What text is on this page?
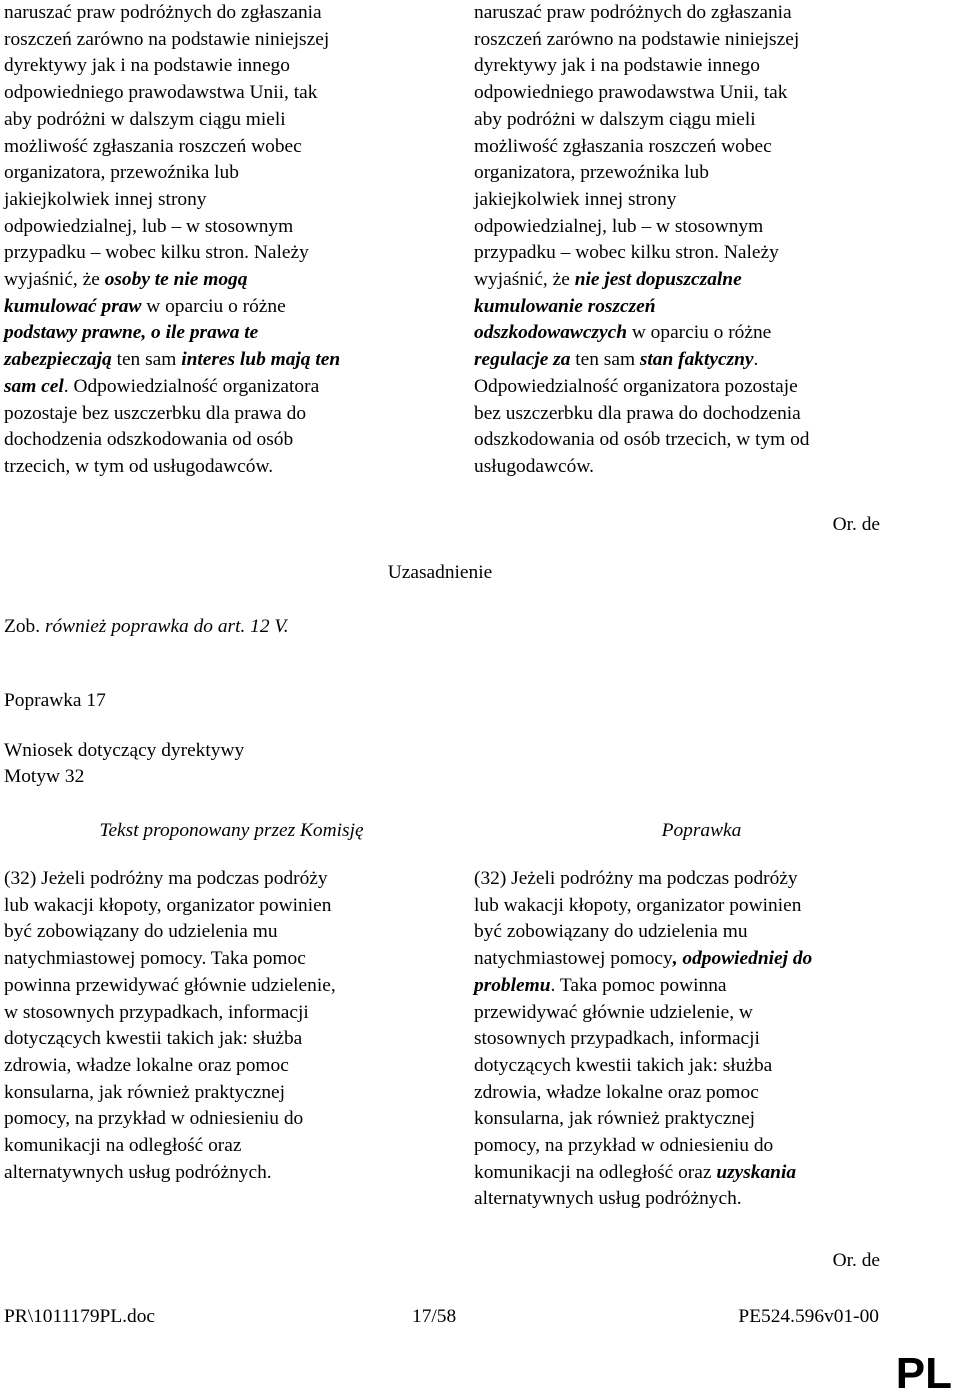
naruszać praw podróżnych do zgłaszania
roszczeń zarówno na podstawie niniejszej
dyrektywy jak i na podstawie innego
odpowiedniego prawodawstwa Unii, tak
aby podróżni w dalszym ciągu mieli
możliwość zgłaszania roszczeń wobec
organizatora, przewoźnika lub
jakiejkolwiek innej strony
odpowiedzialnej, lub – w stosownym
przypadku – wobec kilku stron. Należy
wyjaśnić, że osoby te nie mogą
kumulować praw w oparciu o różne
podstawy prawne, o ile prawa te
zabezpieczają ten sam interes lub mają ten
sam cel. Odpowiedzialność organizatora
pozostaje bez uszczerbku dla prawa do
dochodzenia odszkodowania od osób
trzecich, w tym od usługodawców.

naruszać praw podróżnych do zgłaszania
roszczeń zarówno na podstawie niniejszej
dyrektywy jak i na podstawie innego
odpowiedniego prawodawstwa Unii, tak
aby podróżni w dalszym ciągu mieli
możliwość zgłaszania roszczeń wobec
organizatora, przewoźnika lub
jakiejkolwiek innej strony
odpowiedzialnej, lub – w stosownym
przypadku – wobec kilku stron. Należy
wyjaśnić, że nie jest dopuszczalne
kumulowanie roszczeń
odszkodowawczych w oparciu o różne
regulacje za ten sam stan faktyczny.
Odpowiedzialność organizatora pozostaje
bez uszczerbku dla prawa do dochodzenia
odszkodowania od osób trzecich, w tym od
usługodawców.

Or. de
Uzasadnienie
Zob. również poprawka do art. 12 V.
Poprawka 17
Wniosek dotyczący dyrektywy
Motyw 32
Tekst proponowany przez Komisję	Poprawka

(32) Jeżeli podróżny ma podczas podróży
lub wakacji kłopoty, organizator powinien
być zobowiązany do udzielenia mu
natychmiastowej pomocy. Taka pomoc
powinna przewidywać głównie udzielenie,
w stosownych przypadkach, informacji
dotyczących kwestii takich jak: służba
zdrowia, władze lokalne oraz pomoc
konsularna, jak również praktycznej
pomocy, na przykład w odniesieniu do
komunikacji na odległość oraz
alternatywnych usług podróżnych.

(32) Jeżeli podróżny ma podczas podróży
lub wakacji kłopoty, organizator powinien
być zobowiązany do udzielenia mu
natychmiastowej pomocy, odpowiedniej do
problemu. Taka pomoc powinna
przewidywać głównie udzielenie, w
stosownych przypadkach, informacji
dotyczących kwestii takich jak: służba
zdrowia, władze lokalne oraz pomoc
konsularna, jak również praktycznej
pomocy, na przykład w odniesieniu do
komunikacji na odległość oraz uzyskania
alternatywnych usług podróżnych.

Or. de
PR\1011179PL.doc	17/58	PE524.596v01-00
PL
